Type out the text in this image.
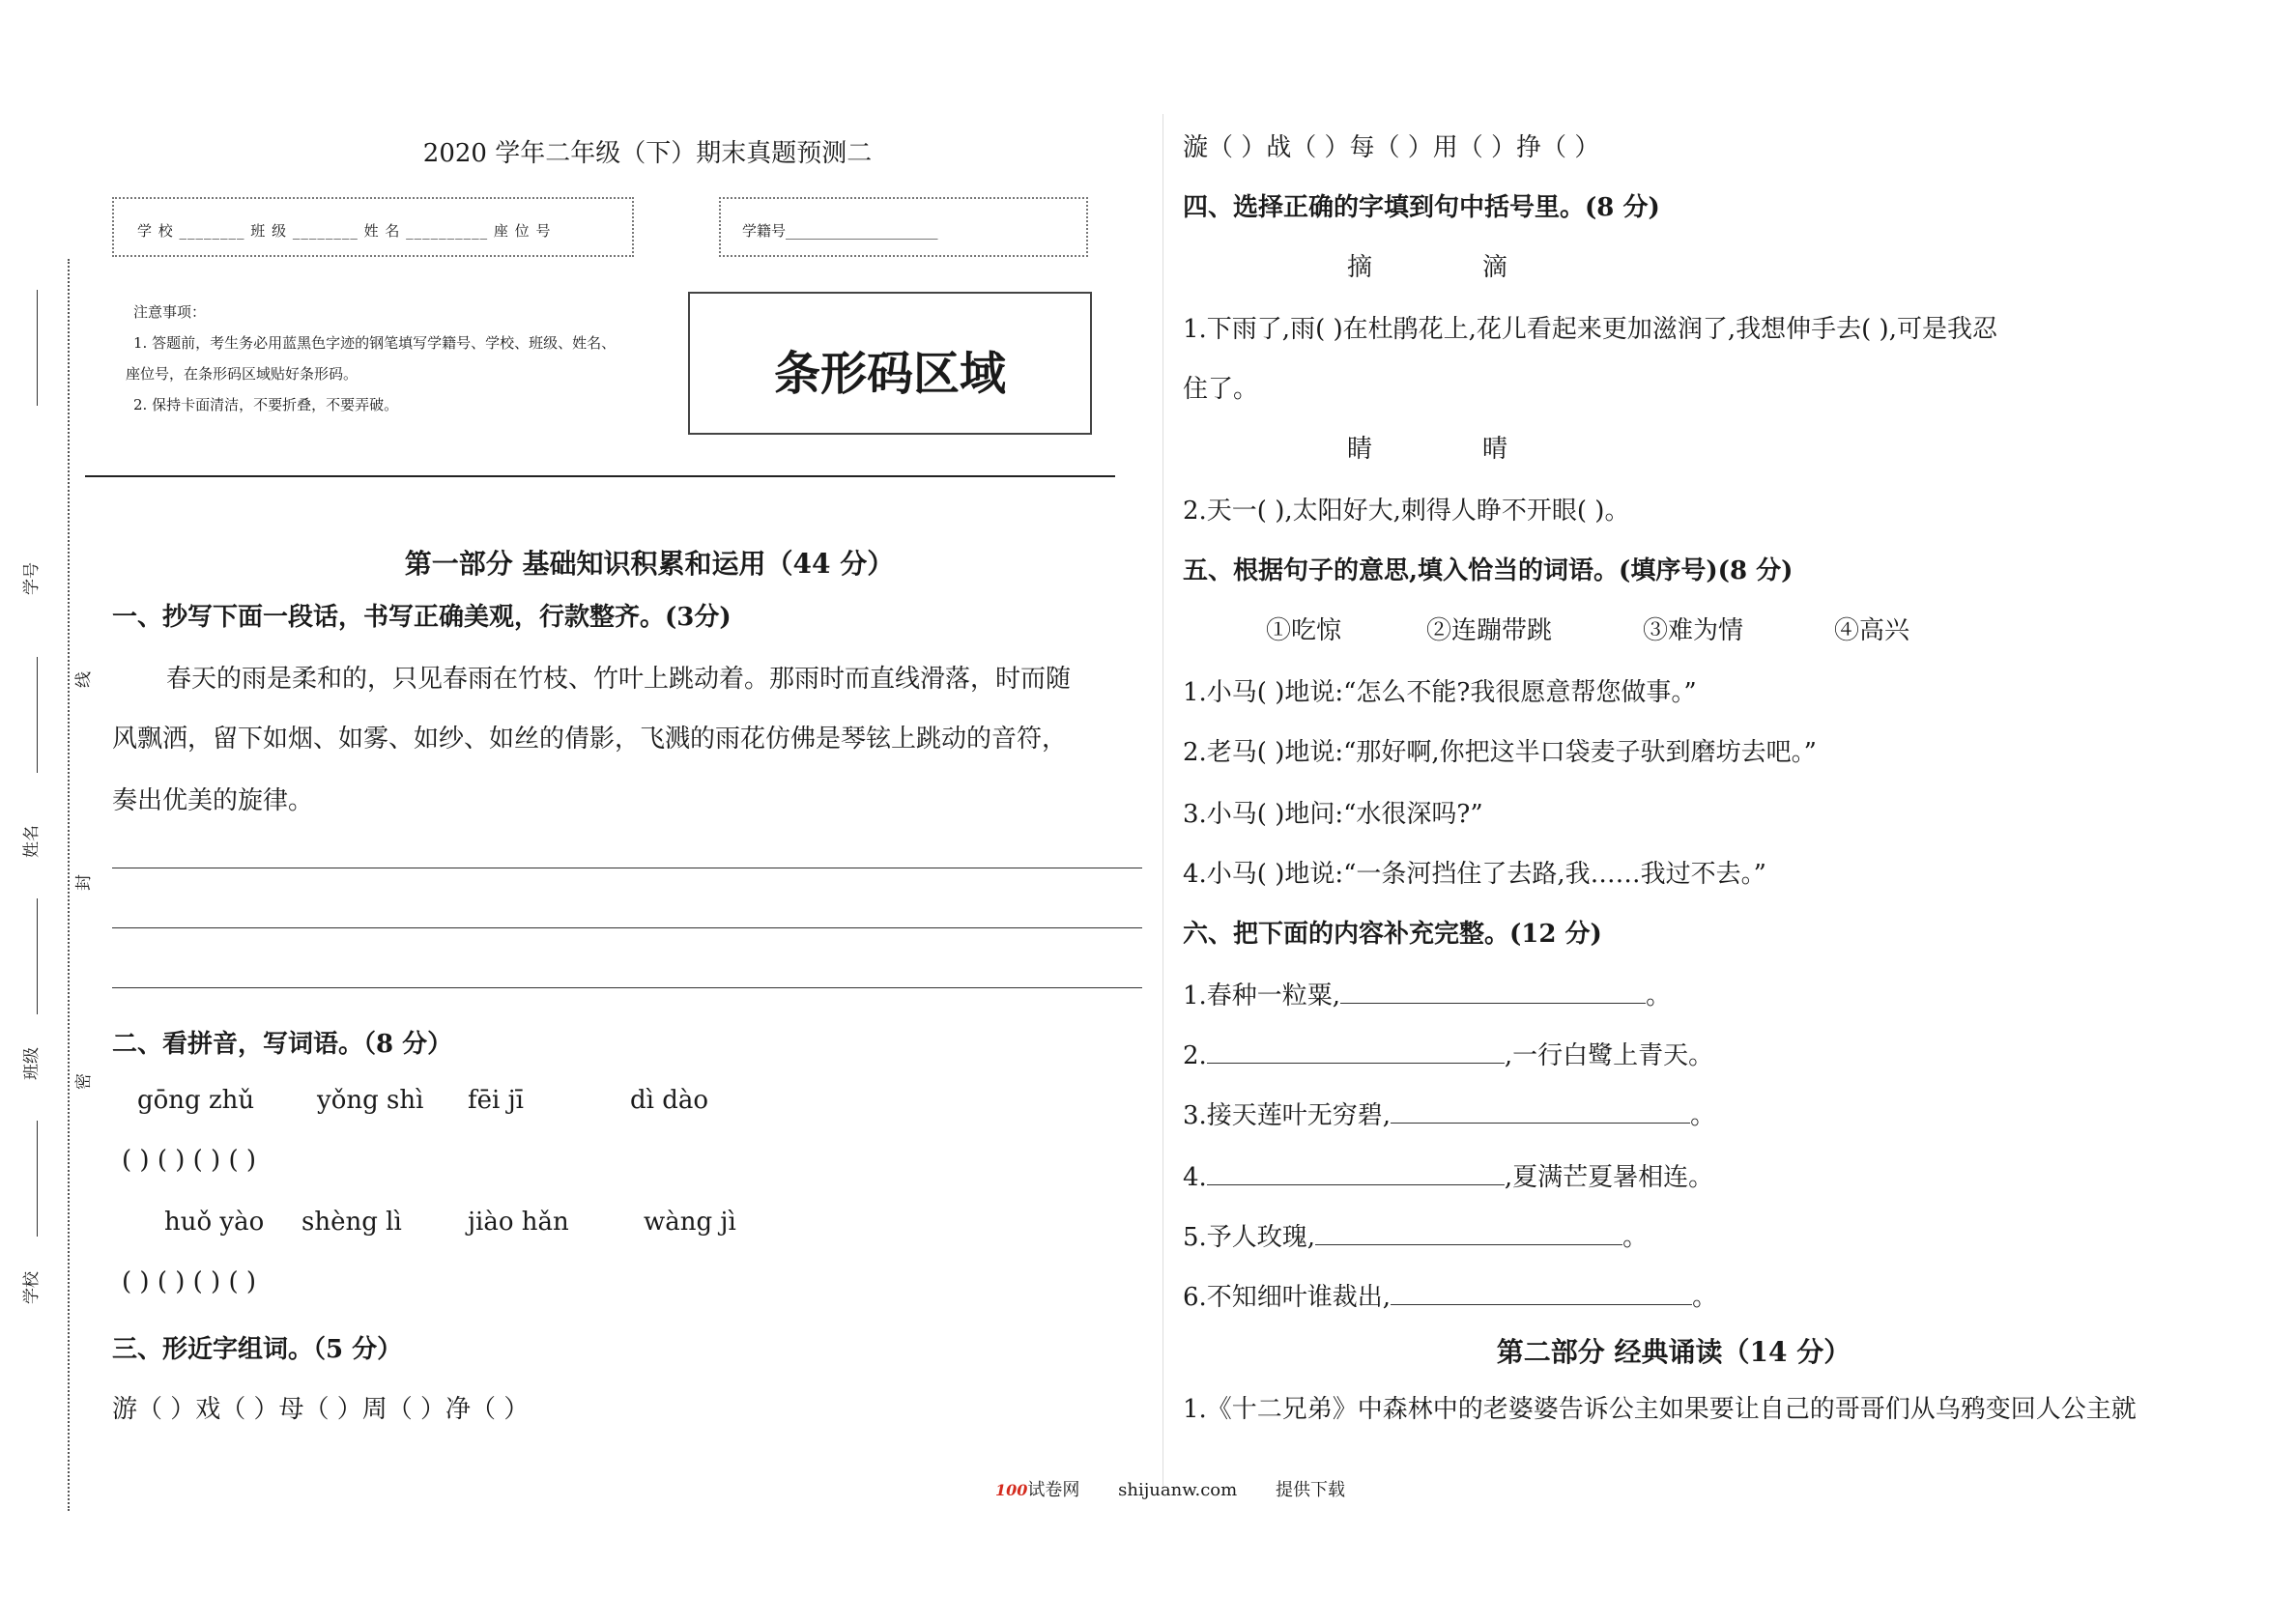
学号
姓名
班级
学校
线
封
密
2020 学年二年级（下）期末真题预测二
学 校 ________ 班 级 ________ 姓 名 __________ 座 位 号	学籍号_____________________
注意事项：
1. 答题前，考生务必用蓝黑色字迹的钢笔填写学籍号、学校、班级、姓名、
座位号，在条形码区域贴好条形码。
2. 保持卡面清洁，不要折叠，不要弄破。
条形码区域
第一部分 基础知识积累和运用（44 分）
一、抄写下面一段话，书写正确美观，行款整齐。(3分)
春天的雨是柔和的，只见春雨在竹枝、竹叶上跳动着。那雨时而直线滑落，时而随
风飘洒，留下如烟、如雾、如纱、如丝的倩影，飞溅的雨花仿佛是琴铉上跳动的音符，
奏出优美的旋律。
二、看拼音，写词语。（8 分）
gōng zhǔ yǒng shì fēi jī	dì dào
( ) ( ) ( ) ( )
huǒ yào shèng lì	jiào hǎn	wàng jì
( ) ( ) ( ) ( )
三、形近字组词。（5 分）
游（ ）戏（ ）母（ ）周（ ）净（ ）
漩（ ）战（ ）每（ ）用（ ）挣（ ）
四、选择正确的字填到句中括号里。(8 分)
摘	滴
1.下雨了,雨( )在杜鹃花上,花儿看起来更加滋润了,我想伸手去( ),可是我忍
住了。
睛	晴
2.天一( ),太阳好大,刺得人睁不开眼( )。
五、根据句子的意思,填入恰当的词语。(填序号)(8 分)
①吃惊	②连蹦带跳	③难为情	④高兴
1.小马( )地说:“怎么不能?我很愿意帮您做事。”
2.老马( )地说:“那好啊,你把这半口袋麦子驮到磨坊去吧。”
3.小马( )地问:“水很深吗?”
4.小马( )地说:“一条河挡住了去路,我……我过不去。”
六、把下面的内容补充完整。(12 分)
1.春种一粒粟,	。
2.	,一行白鹭上青天。
3.接天莲叶无穷碧,	。
4.	,夏满芒夏暑相连。
5.予人玫瑰,	。
6.不知细叶谁裁出,	。
第二部分 经典诵读（14 分）
1.《十二兄弟》中森林中的老婆婆告诉公主如果要让自己的哥哥们从乌鸦变回人公主就
100试卷网 shijuanw.com 提供下载
